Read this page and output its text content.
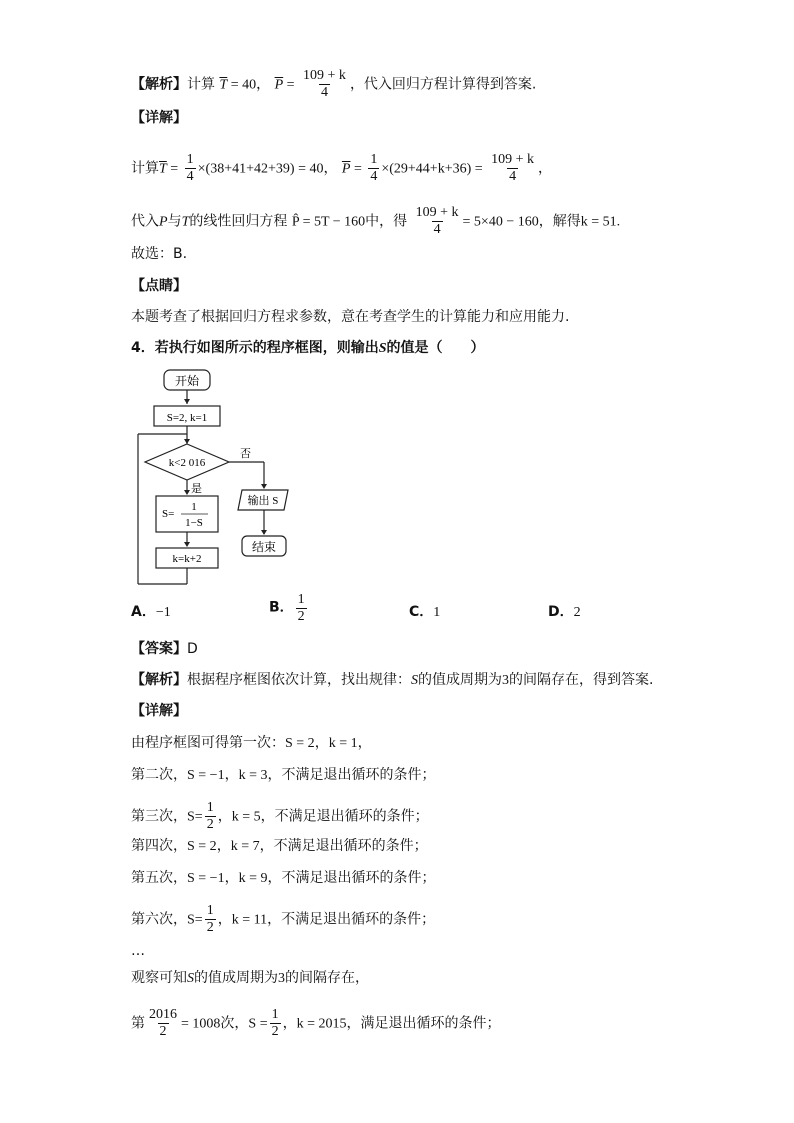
【解析】计算 $\overline{T} = 40$， $\overline{P} = \frac{109 + k}{4}$ ，代入回归方程计算得到答案.
【详解】
计算$\overline{T} = \frac{1}{4} \times(38+41+42+39) = 40$， $\overline{P} = \frac{1}{4} \times(29+44+k+36) = \frac{109 + k}{4}$ ，
代入P与T的线性回归方程 P̂ = 5T − 160中，得 $\frac{109 + k}{4} = 5\times 40 - 160$，解得k = 51.
故选：B.
【点睛】
本题考查了根据回归方程求参数，意在考查学生的计算能力和应用能力.
4．若执行如图所示的程序框图，则输出S的值是（　　）
开始
S=2, k=1
k<2 016
否
是
S=
1
1−S
输出 S
k=k+2
结束
A．−1	B． $\frac{1}{2}$	C．1	D．2
【答案】D
【解析】根据程序框图依次计算，找出规律：S的值成周期为3的间隔存在，得到答案.
【详解】
由程序框图可得第一次：S = 2，k = 1，
第二次，S = −1，k = 3，不满足退出循环的条件；
第三次，$S= \frac{1}{2}$ ，k = 5，不满足退出循环的条件；
第四次，S = 2，k = 7，不满足退出循环的条件；
第五次，S = −1，k = 9，不满足退出循环的条件；
第六次，$S= \frac{1}{2}$ ，k = 11，不满足退出循环的条件；
…
观察可知S的值成周期为3的间隔存在，
第 $\frac{2016}{2} = 1008$次，$S = \frac{1}{2}$ ，k = 2015，满足退出循环的条件；
